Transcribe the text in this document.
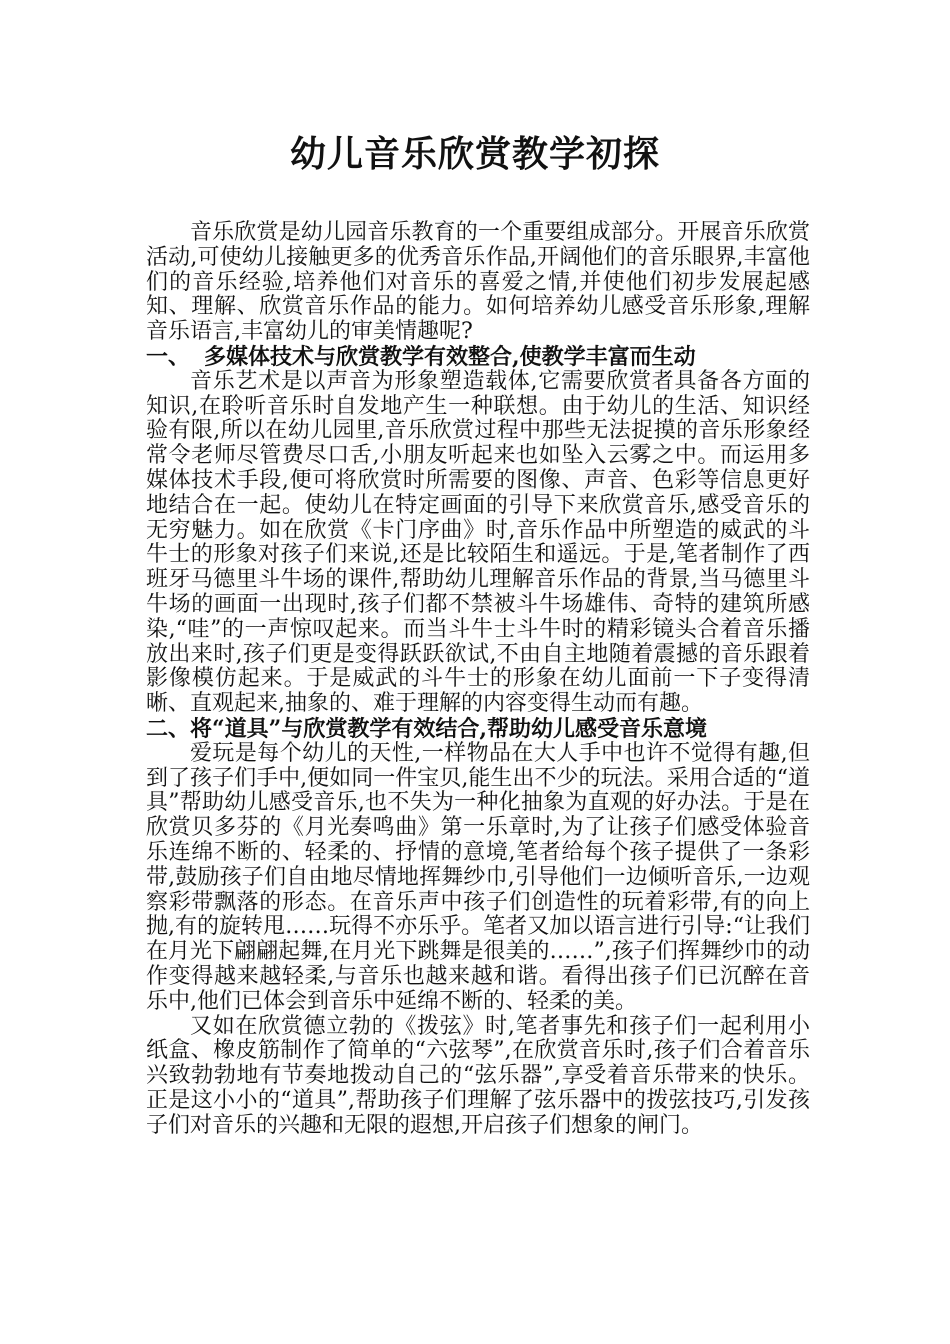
幼儿音乐欣赏教学初探

音乐欣赏是幼儿园音乐教育的一个重要组成部分。开展音乐欣赏活动,可使幼儿接触更多的优秀音乐作品,开阔他们的音乐眼界,丰富他们的音乐经验,培养他们对音乐的喜爱之情,并使他们初步发展起感知、理解、欣赏音乐作品的能力。如何培养幼儿感受音乐形象,理解音乐语言,丰富幼儿的审美情趣呢?

一、 多媒体技术与欣赏教学有效整合,使教学丰富而生动

音乐艺术是以声音为形象塑造载体,它需要欣赏者具备各方面的知识,在聆听音乐时自发地产生一种联想。由于幼儿的生活、知识经验有限,所以在幼儿园里,音乐欣赏过程中那些无法捉摸的音乐形象经常令老师尽管费尽口舌,小朋友听起来也如坠入云雾之中。而运用多媒体技术手段,便可将欣赏时所需要的图像、声音、色彩等信息更好地结合在一起。使幼儿在特定画面的引导下来欣赏音乐,感受音乐的无穷魅力。如在欣赏《卡门序曲》时,音乐作品中所塑造的威武的斗牛士的形象对孩子们来说,还是比较陌生和遥远。于是,笔者制作了西班牙马德里斗牛场的课件,帮助幼儿理解音乐作品的背景,当马德里斗牛场的画面一出现时,孩子们都不禁被斗牛场雄伟、奇特的建筑所感染,“哇”的一声惊叹起来。而当斗牛士斗牛时的精彩镜头合着音乐播放出来时,孩子们更是变得跃跃欲试,不由自主地随着震撼的音乐跟着影像模仿起来。于是威武的斗牛士的形象在幼儿面前一下子变得清晰、直观起来,抽象的、难于理解的内容变得生动而有趣。

二、将“道具”与欣赏教学有效结合,帮助幼儿感受音乐意境

爱玩是每个幼儿的天性,一样物品在大人手中也许不觉得有趣,但到了孩子们手中,便如同一件宝贝,能生出不少的玩法。采用合适的“道具”帮助幼儿感受音乐,也不失为一种化抽象为直观的好办法。于是在欣赏贝多芬的《月光奏鸣曲》第一乐章时,为了让孩子们感受体验音乐连绵不断的、轻柔的、抒情的意境,笔者给每个孩子提供了一条彩带,鼓励孩子们自由地尽情地挥舞纱巾,引导他们一边倾听音乐,一边观察彩带飘落的形态。在音乐声中孩子们创造性的玩着彩带,有的向上抛,有的旋转甩……玩得不亦乐乎。笔者又加以语言进行引导:“让我们在月光下翩翩起舞,在月光下跳舞是很美的……”,孩子们挥舞纱巾的动作变得越来越轻柔,与音乐也越来越和谐。看得出孩子们已沉醉在音乐中,他们已体会到音乐中延绵不断的、轻柔的美。

又如在欣赏德立勃的《拨弦》时,笔者事先和孩子们一起利用小纸盒、橡皮筋制作了简单的“六弦琴”,在欣赏音乐时,孩子们合着音乐兴致勃勃地有节奏地拨动自己的“弦乐器”,享受着音乐带来的快乐。正是这小小的“道具”,帮助孩子们理解了弦乐器中的拨弦技巧,引发孩子们对音乐的兴趣和无限的遐想,开启孩子们想象的闸门。
